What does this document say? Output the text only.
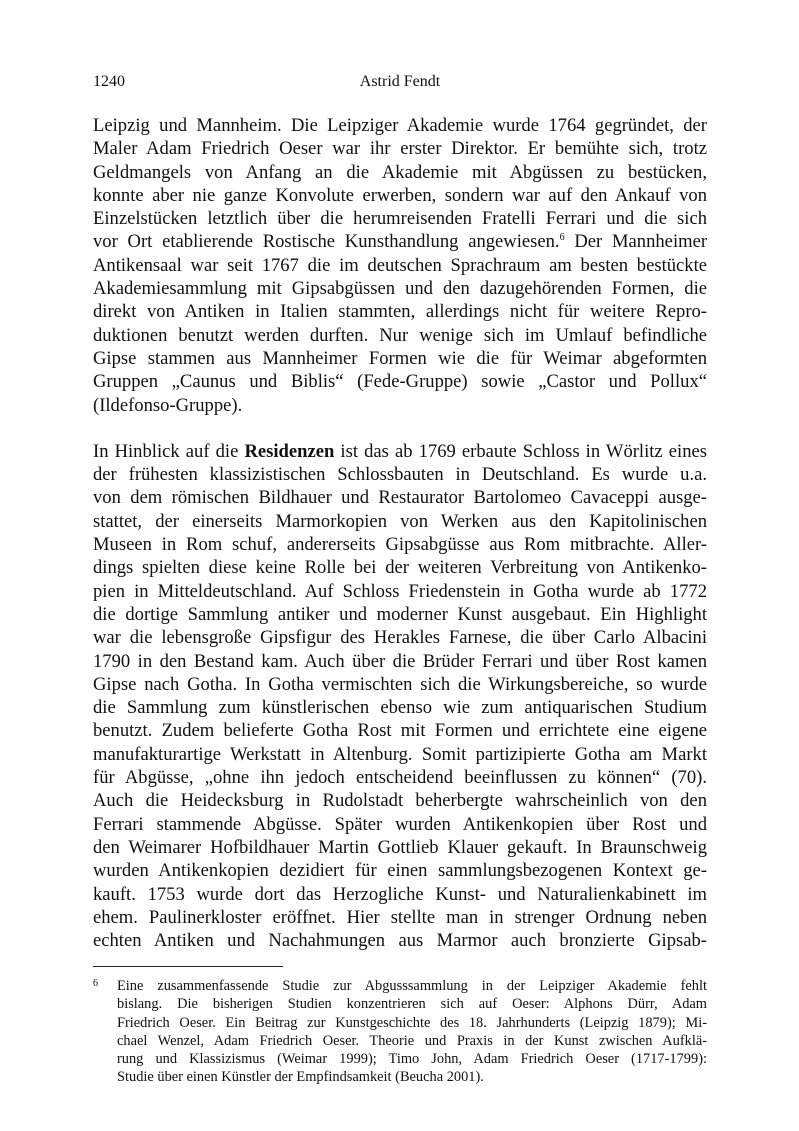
1240	Astrid Fendt

Leipzig und Mannheim. Die Leipziger Akademie wurde 1764 gegründet, der
Maler Adam Friedrich Oeser war ihr erster Direktor. Er bemühte sich, trotz
Geldmangels von Anfang an die Akademie mit Abgüssen zu bestücken,
konnte aber nie ganze Konvolute erwerben, sondern war auf den Ankauf von
Einzelstücken letztlich über die herumreisenden Fratelli Ferrari und die sich
vor Ort etablierende Rostische Kunsthandlung angewiesen.$^6$ Der Mannheimer
Antikensaal war seit 1767 die im deutschen Sprachraum am besten bestückte
Akademiesammlung mit Gipsabgüssen und den dazugehörenden Formen, die
direkt von Antiken in Italien stammten, allerdings nicht für weitere Repro-
duktionen benutzt werden durften. Nur wenige sich im Umlauf befindliche
Gipse stammen aus Mannheimer Formen wie die für Weimar abgeformten
Gruppen „Caunus und Biblis“ (Fede-Gruppe) sowie „Castor und Pollux“
(Ildefonso-Gruppe).

In Hinblick auf die Residenzen ist das ab 1769 erbaute Schloss in Wörlitz eines
der frühesten klassizistischen Schlossbauten in Deutschland. Es wurde u.a.
von dem römischen Bildhauer und Restaurator Bartolomeo Cavaceppi ausge-
stattet, der einerseits Marmorkopien von Werken aus den Kapitolinischen
Museen in Rom schuf, andererseits Gipsabgüsse aus Rom mitbrachte. Aller-
dings spielten diese keine Rolle bei der weiteren Verbreitung von Antikenko-
pien in Mitteldeutschland. Auf Schloss Friedenstein in Gotha wurde ab 1772
die dortige Sammlung antiker und moderner Kunst ausgebaut. Ein Highlight
war die lebensgroße Gipsfigur des Herakles Farnese, die über Carlo Albacini
1790 in den Bestand kam. Auch über die Brüder Ferrari und über Rost kamen
Gipse nach Gotha. In Gotha vermischten sich die Wirkungsbereiche, so wurde
die Sammlung zum künstlerischen ebenso wie zum antiquarischen Studium
benutzt. Zudem belieferte Gotha Rost mit Formen und errichtete eine eigene
manufakturartige Werkstatt in Altenburg. Somit partizipierte Gotha am Markt
für Abgüsse, „ohne ihn jedoch entscheidend beeinflussen zu können“ (70).
Auch die Heidecksburg in Rudolstadt beherbergte wahrscheinlich von den
Ferrari stammende Abgüsse. Später wurden Antikenkopien über Rost und
den Weimarer Hofbildhauer Martin Gottlieb Klauer gekauft. In Braunschweig
wurden Antikenkopien dezidiert für einen sammlungsbezogenen Kontext ge-
kauft. 1753 wurde dort das Herzogliche Kunst- und Naturalienkabinett im
ehem. Paulinerkloster eröffnet. Hier stellte man in strenger Ordnung neben
echten Antiken und Nachahmungen aus Marmor auch bronzierte Gipsab-

6 Eine zusammenfassende Studie zur Abgusssammlung in der Leipziger Akademie fehlt
bislang. Die bisherigen Studien konzentrieren sich auf Oeser: Alphons Dürr, Adam
Friedrich Oeser. Ein Beitrag zur Kunstgeschichte des 18. Jahrhunderts (Leipzig 1879); Mi-
chael Wenzel, Adam Friedrich Oeser. Theorie und Praxis in der Kunst zwischen Aufklä-
rung und Klassizismus (Weimar 1999); Timo John, Adam Friedrich Oeser (1717-1799):
Studie über einen Künstler der Empfindsamkeit (Beucha 2001).
